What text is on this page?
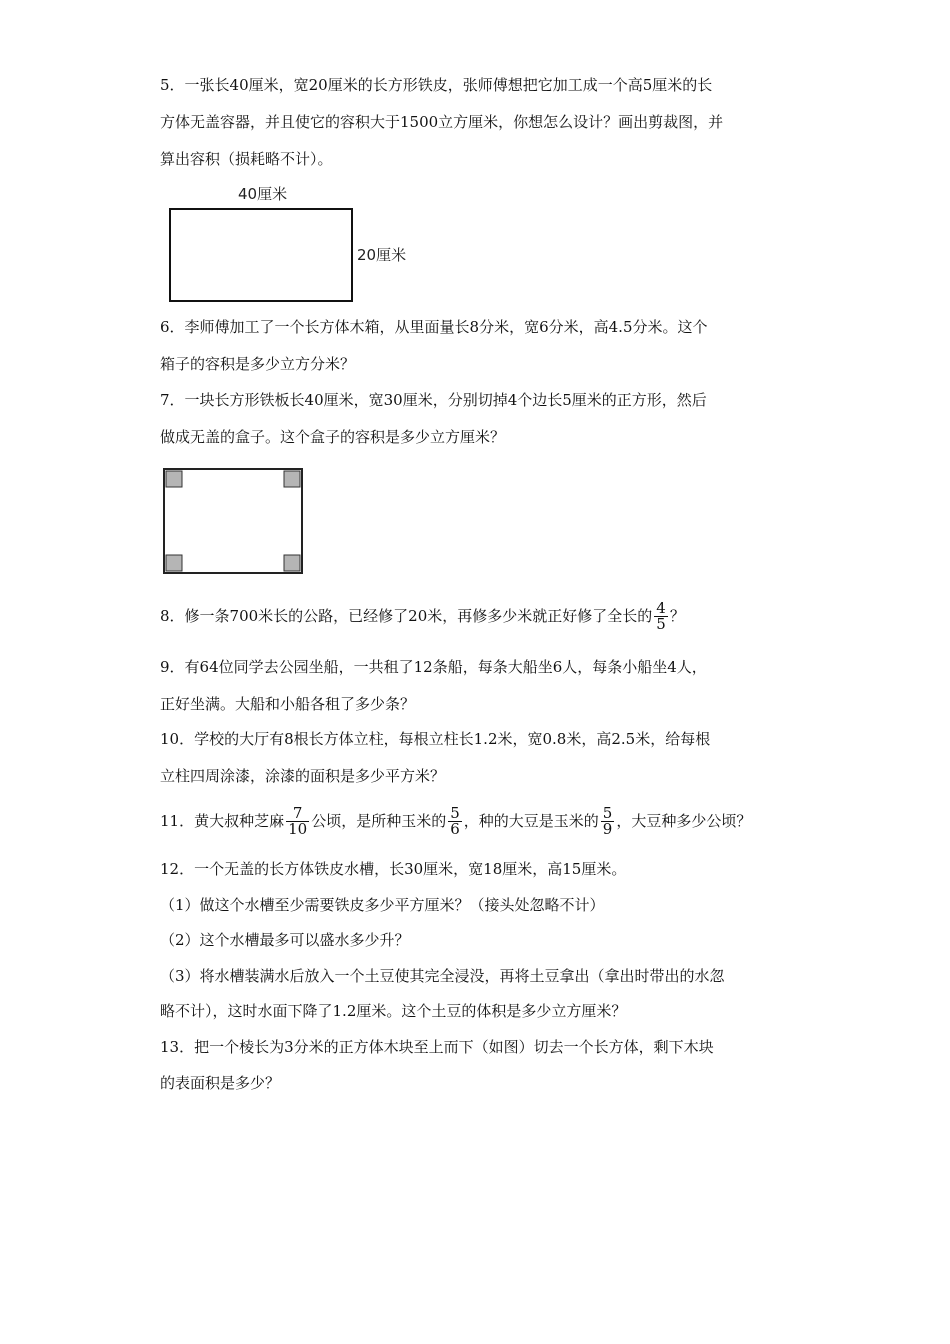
5．一张长40厘米，宽20厘米的长方形铁皮，张师傅想把它加工成一个高5厘米的长
方体无盖容器，并且使它的容积大于1500立方厘米，你想怎么设计？画出剪裁图，并
算出容积（损耗略不计）。
40厘米
20厘米
6．李师傅加工了一个长方体木箱，从里面量长8分米，宽6分米，高4.5分米。这个
箱子的容积是多少立方分米？
7．一块长方形铁板长40厘米，宽30厘米，分别切掉4个边长5厘米的正方形，然后
做成无盖的盒子。这个盒子的容积是多少立方厘米？
8．修一条700米长的公路，已经修了20米，再修多少米就正好修了全长的 $\frac{4}{5}$ ？
9．有64位同学去公园坐船，一共租了12条船，每条大船坐6人，每条小船坐4人，
正好坐满。大船和小船各租了多少条？
10．学校的大厅有8根长方体立柱，每根立柱长1.2米，宽0.8米，高2.5米，给每根
立柱四周涂漆，涂漆的面积是多少平方米？
11．黄大叔种芝麻 $\frac{7}{10}$ 公顷，是所种玉米的 $\frac{5}{6}$ ，种的大豆是玉米的 $\frac{5}{9}$ ，大豆种多少公顷？
12．一个无盖的长方体铁皮水槽，长30厘米，宽18厘米，高15厘米。
（1）做这个水槽至少需要铁皮多少平方厘米？（接头处忽略不计）
（2）这个水槽最多可以盛水多少升？
（3）将水槽装满水后放入一个土豆使其完全浸没，再将土豆拿出（拿出时带出的水忽
略不计），这时水面下降了1.2厘米。这个土豆的体积是多少立方厘米？
13．把一个棱长为3分米的正方体木块至上而下（如图）切去一个长方体，剩下木块
的表面积是多少？
